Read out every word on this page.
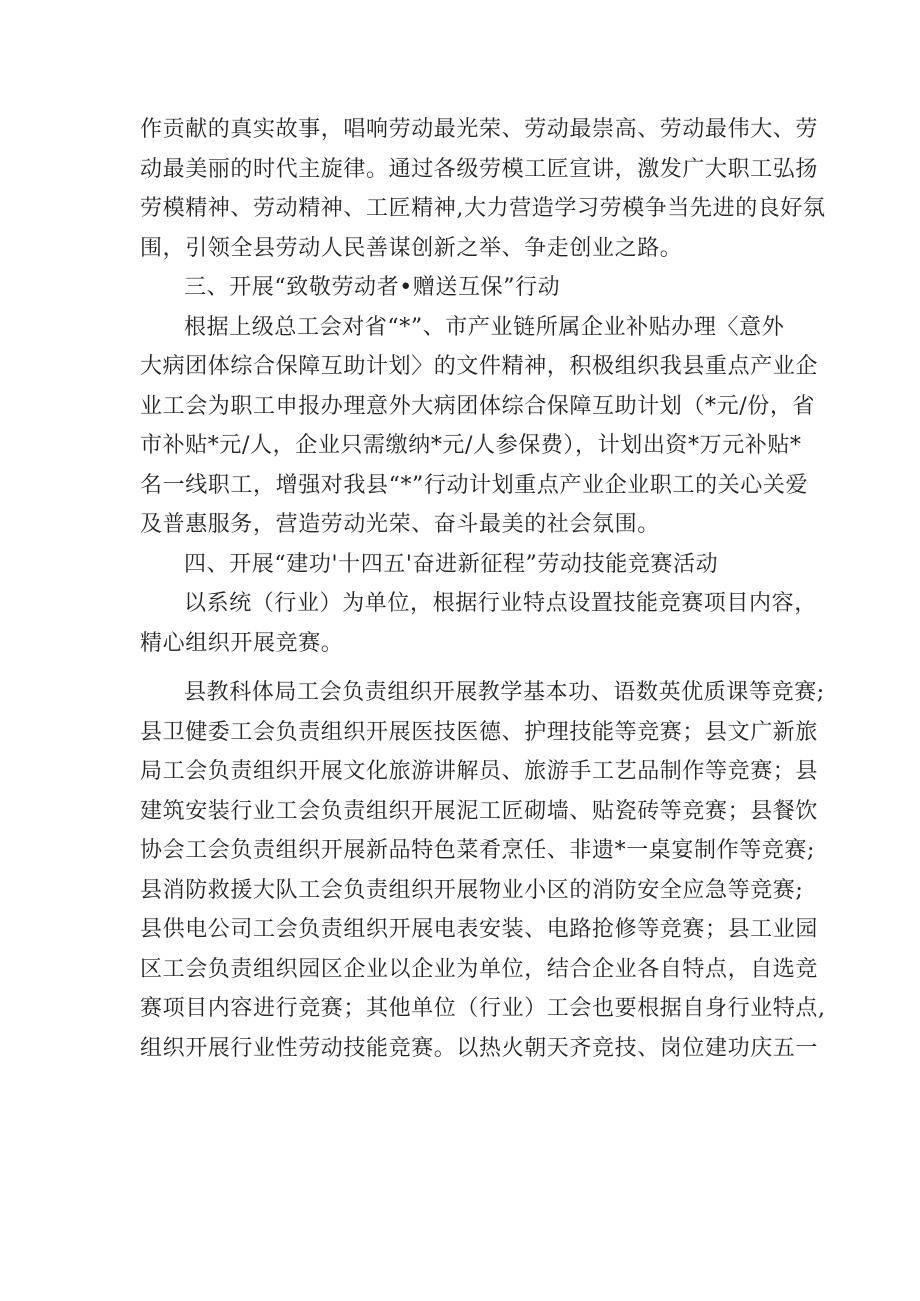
作贡献的真实故事，唱响劳动最光荣、劳动最崇高、劳动最伟大、劳
动最美丽的时代主旋律。通过各级劳模工匠宣讲，激发广大职工弘扬
劳模精神、劳动精神、工匠精神,大力营造学习劳模争当先进的良好氛
围，引领全县劳动人民善谋创新之举、争走创业之路。
三、开展“致敬劳动者•赠送互保”行动
根据上级总工会对省“*”、市产业链所属企业补贴办理〈意外
大病团体综合保障互助计划〉的文件精神，积极组织我县重点产业企
业工会为职工申报办理意外大病团体综合保障互助计划（*元/份，省
市补贴*元/人，企业只需缴纳*元/人参保费），计划出资*万元补贴*
名一线职工，增强对我县“*”行动计划重点产业企业职工的关心关爱
及普惠服务，营造劳动光荣、奋斗最美的社会氛围。
四、开展“建功'十四五'奋进新征程”劳动技能竞赛活动
以系统（行业）为单位，根据行业特点设置技能竞赛项目内容，
精心组织开展竞赛。
县教科体局工会负责组织开展教学基本功、语数英优质课等竞赛;
县卫健委工会负责组织开展医技医德、护理技能等竞赛；县文广新旅
局工会负责组织开展文化旅游讲解员、旅游手工艺品制作等竞赛；县
建筑安装行业工会负责组织开展泥工匠砌墙、贴瓷砖等竞赛；县餐饮
协会工会负责组织开展新品特色菜肴烹任、非遗*一桌宴制作等竞赛;
县消防救援大队工会负责组织开展物业小区的消防安全应急等竞赛;
县供电公司工会负责组织开展电表安装、电路抢修等竞赛；县工业园
区工会负责组织园区企业以企业为单位，结合企业各自特点，自选竞
赛项目内容进行竞赛；其他单位（行业）工会也要根据自身行业特点,
组织开展行业性劳动技能竞赛。以热火朝天齐竞技、岗位建功庆五一
